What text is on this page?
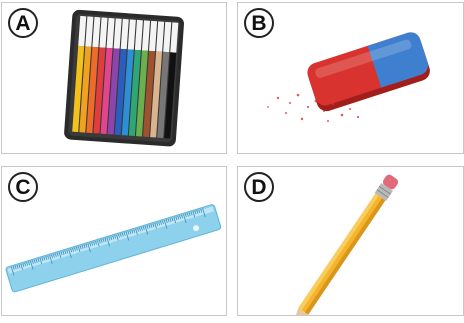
A	B
C	D
